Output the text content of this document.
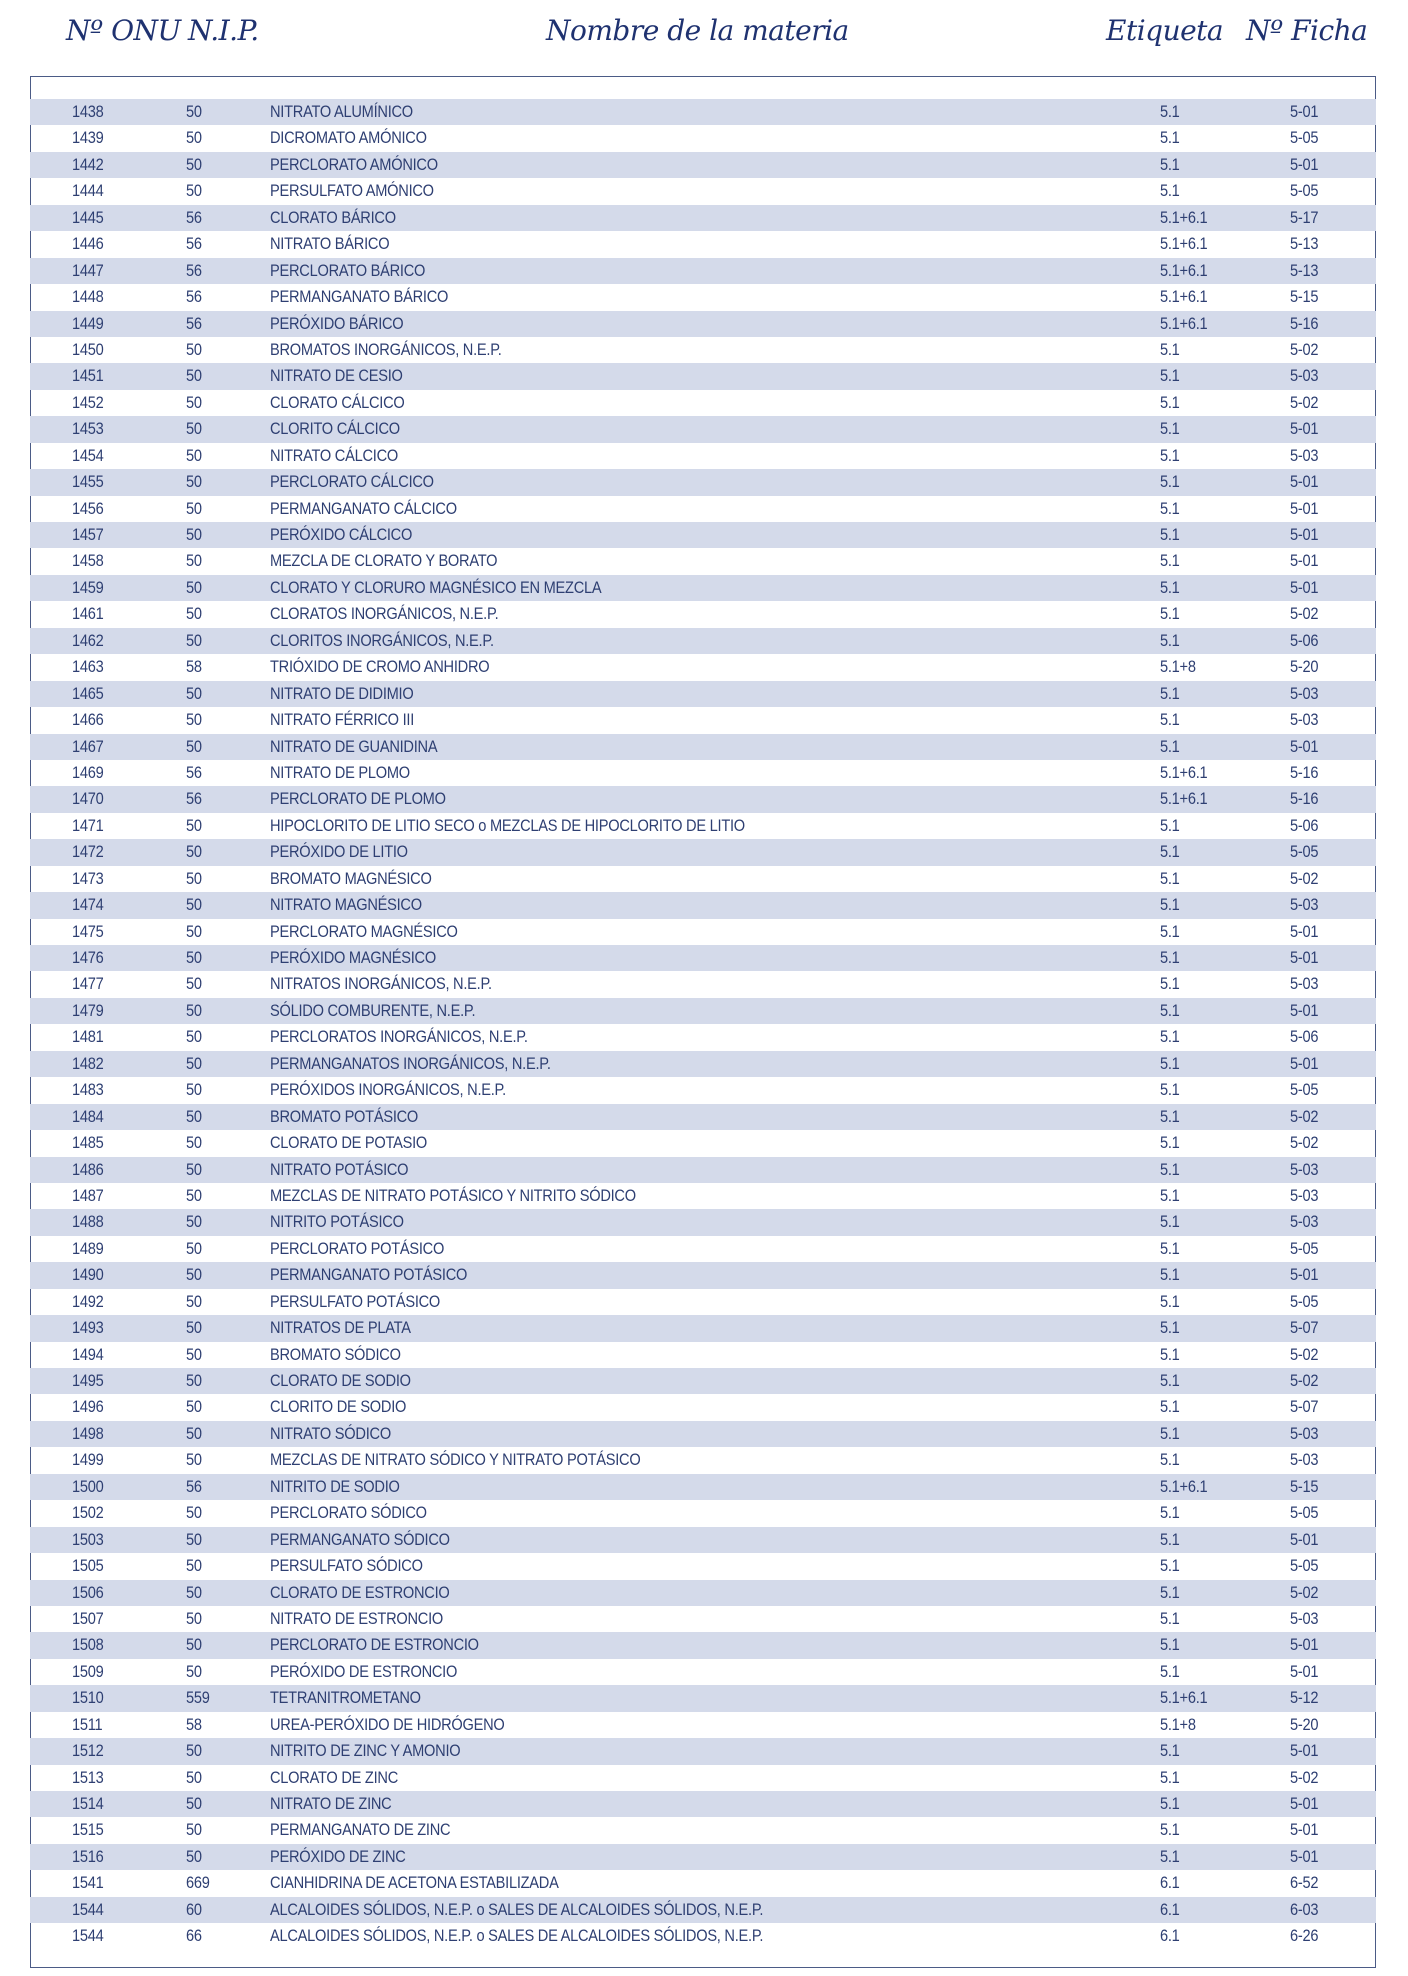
Nº ONU N.I.P.	Nombre de la materia	Etiqueta Nº Ficha
1438	50	NITRATO ALUMÍNICO	5.1	5-01
1439	50	DICROMATO AMÓNICO	5.1	5-05
1442	50	PERCLORATO AMÓNICO	5.1	5-01
1444	50	PERSULFATO AMÓNICO	5.1	5-05
1445	56	CLORATO BÁRICO	5.1+6.1	5-17
1446	56	NITRATO BÁRICO	5.1+6.1	5-13
1447	56	PERCLORATO BÁRICO	5.1+6.1	5-13
1448	56	PERMANGANATO BÁRICO	5.1+6.1	5-15
1449	56	PERÓXIDO BÁRICO	5.1+6.1	5-16
1450	50	BROMATOS INORGÁNICOS, N.E.P.	5.1	5-02
1451	50	NITRATO DE CESIO	5.1	5-03
1452	50	CLORATO CÁLCICO	5.1	5-02
1453	50	CLORITO CÁLCICO	5.1	5-01
1454	50	NITRATO CÁLCICO	5.1	5-03
1455	50	PERCLORATO CÁLCICO	5.1	5-01
1456	50	PERMANGANATO CÁLCICO	5.1	5-01
1457	50	PERÓXIDO CÁLCICO	5.1	5-01
1458	50	MEZCLA DE CLORATO Y BORATO	5.1	5-01
1459	50	CLORATO Y CLORURO MAGNÉSICO EN MEZCLA	5.1	5-01
1461	50	CLORATOS INORGÁNICOS, N.E.P.	5.1	5-02
1462	50	CLORITOS INORGÁNICOS, N.E.P.	5.1	5-06
1463	58	TRIÓXIDO DE CROMO ANHIDRO	5.1+8	5-20
1465	50	NITRATO DE DIDIMIO	5.1	5-03
1466	50	NITRATO FÉRRICO III	5.1	5-03
1467	50	NITRATO DE GUANIDINA	5.1	5-01
1469	56	NITRATO DE PLOMO	5.1+6.1	5-16
1470	56	PERCLORATO DE PLOMO	5.1+6.1	5-16
1471	50	HIPOCLORITO DE LITIO SECO o MEZCLAS DE HIPOCLORITO DE LITIO	5.1	5-06
1472	50	PERÓXIDO DE LITIO	5.1	5-05
1473	50	BROMATO MAGNÉSICO	5.1	5-02
1474	50	NITRATO MAGNÉSICO	5.1	5-03
1475	50	PERCLORATO MAGNÉSICO	5.1	5-01
1476	50	PERÓXIDO MAGNÉSICO	5.1	5-01
1477	50	NITRATOS INORGÁNICOS, N.E.P.	5.1	5-03
1479	50	SÓLIDO COMBURENTE, N.E.P.	5.1	5-01
1481	50	PERCLORATOS INORGÁNICOS, N.E.P.	5.1	5-06
1482	50	PERMANGANATOS INORGÁNICOS, N.E.P.	5.1	5-01
1483	50	PERÓXIDOS INORGÁNICOS, N.E.P.	5.1	5-05
1484	50	BROMATO POTÁSICO	5.1	5-02
1485	50	CLORATO DE POTASIO	5.1	5-02
1486	50	NITRATO POTÁSICO	5.1	5-03
1487	50	MEZCLAS DE NITRATO POTÁSICO Y NITRITO SÓDICO	5.1	5-03
1488	50	NITRITO POTÁSICO	5.1	5-03
1489	50	PERCLORATO POTÁSICO	5.1	5-05
1490	50	PERMANGANATO POTÁSICO	5.1	5-01
1492	50	PERSULFATO POTÁSICO	5.1	5-05
1493	50	NITRATOS DE PLATA	5.1	5-07
1494	50	BROMATO SÓDICO	5.1	5-02
1495	50	CLORATO DE SODIO	5.1	5-02
1496	50	CLORITO DE SODIO	5.1	5-07
1498	50	NITRATO SÓDICO	5.1	5-03
1499	50	MEZCLAS DE NITRATO SÓDICO Y NITRATO POTÁSICO	5.1	5-03
1500	56	NITRITO DE SODIO	5.1+6.1	5-15
1502	50	PERCLORATO SÓDICO	5.1	5-05
1503	50	PERMANGANATO SÓDICO	5.1	5-01
1505	50	PERSULFATO SÓDICO	5.1	5-05
1506	50	CLORATO DE ESTRONCIO	5.1	5-02
1507	50	NITRATO DE ESTRONCIO	5.1	5-03
1508	50	PERCLORATO DE ESTRONCIO	5.1	5-01
1509	50	PERÓXIDO DE ESTRONCIO	5.1	5-01
1510	559	TETRANITROMETANO	5.1+6.1	5-12
1511	58	UREA-PERÓXIDO DE HIDRÓGENO	5.1+8	5-20
1512	50	NITRITO DE ZINC Y AMONIO	5.1	5-01
1513	50	CLORATO DE ZINC	5.1	5-02
1514	50	NITRATO DE ZINC	5.1	5-01
1515	50	PERMANGANATO DE ZINC	5.1	5-01
1516	50	PERÓXIDO DE ZINC	5.1	5-01
1541	669	CIANHIDRINA DE ACETONA ESTABILIZADA	6.1	6-52
1544	60	ALCALOIDES SÓLIDOS, N.E.P. o SALES DE ALCALOIDES SÓLIDOS, N.E.P.	6.1	6-03
1544	66	ALCALOIDES SÓLIDOS, N.E.P. o SALES DE ALCALOIDES SÓLIDOS, N.E.P.	6.1	6-26
